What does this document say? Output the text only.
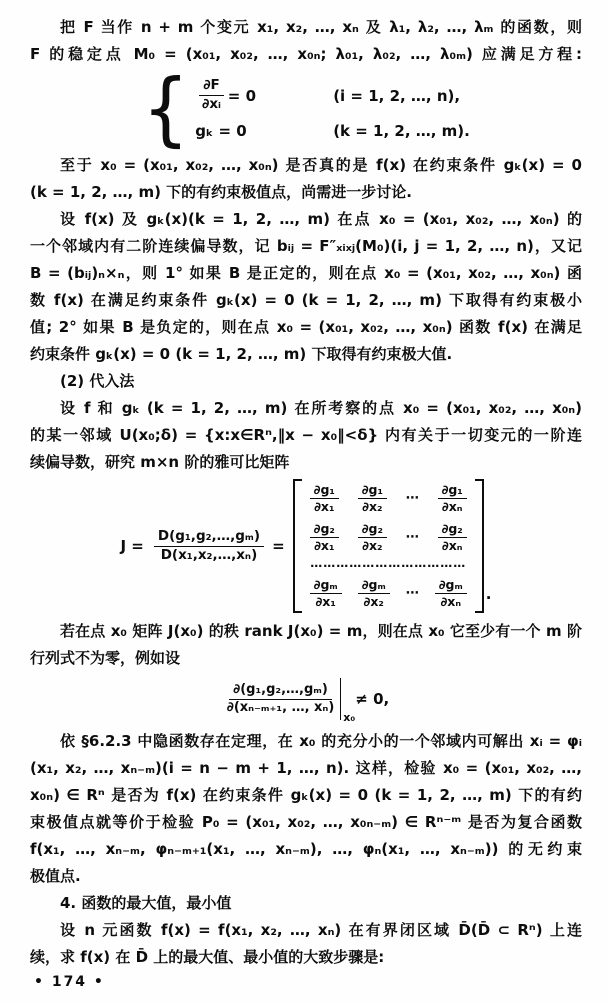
把 F 当作 n + m 个变元 x₁, x₂, …, xₙ 及 λ₁, λ₂, …, λₘ 的函数，则
F 的稳定点 M₀ = (x₀₁, x₀₂, …, x₀ₙ; λ₀₁, λ₀₂, …, λ₀ₘ) 应满足方程:
{ $\frac{\partial F}{\text{∂xᵢ}} = 0$	(i = 1, 2, …, n),
gₖ = 0	(k = 1, 2, …, m).
至于 x₀ = (x₀₁, x₀₂, …, x₀ₙ) 是否真的是 f(x) 在约束条件 gₖ(x) = 0
(k = 1, 2, …, m) 下的有约束极值点，尚需进一步讨论.
设 f(x) 及 gₖ(x)(k = 1, 2, …, m) 在点 x₀ = (x₀₁, x₀₂, …, x₀ₙ) 的
一个邻域内有二阶连续偏导数，记 bᵢⱼ = F″ₓᵢₓⱼ(M₀)(i, j = 1, 2, …, n)，又记
B = (bᵢⱼ)ₙ×ₙ，则 1° 如果 B 是正定的，则在点 x₀ = (x₀₁, x₀₂, …, x₀ₙ) 函
数 f(x) 在满足约束条件 gₖ(x) = 0 (k = 1, 2, …, m) 下取得有约束极小
值; 2° 如果 B 是负定的，则在点 x₀ = (x₀₁, x₀₂, …, x₀ₙ) 函数 f(x) 在满足
约束条件 gₖ(x) = 0 (k = 1, 2, …, m) 下取得有约束极大值.
(2) 代入法
设 f 和 gₖ (k = 1, 2, …, m) 在所考察的点 x₀ = (x₀₁, x₀₂, …, x₀ₙ)
的某一邻域 U(x₀;δ) = {x:x∈Rⁿ,‖x − x₀‖<δ} 内有关于一切变元的一阶连
续偏导数，研究 m×n 阶的雅可比矩阵
$J = \frac{\text{D(g₁,g₂,…,gₘ)}}{\text{D(x₁,x₂,…,xₙ)}}$ =
$\frac{\text{∂g₁}}{\text{∂x₁}} \frac{\text{∂g₁}}{\text{∂x₂}}$ ⋯ $\frac{\text{∂g₁}}{\text{∂xₙ}}$
$\frac{\text{∂g₂}}{\text{∂x₁}} \frac{\text{∂g₂}}{\text{∂x₂}}$ ⋯ $\frac{\text{∂g₂}}{\text{∂xₙ}}$
⋯⋯⋯⋯⋯⋯⋯⋯⋯⋯⋯⋯
$\frac{\text{∂gₘ}}{\text{∂x₁}} \frac{\text{∂gₘ}}{\text{∂x₂}}$ ⋯ $\frac{\text{∂gₘ}}{\text{∂xₙ}}$ .
若在点 x₀ 矩阵 J(x₀) 的秩 rank J(x₀) = m，则在点 x₀ 它至少有一个 m 阶
行列式不为零，例如设
$\frac{\text{∂(g₁,g₂,…,gₘ)}}{\text{∂(xₙ₋ₘ₊₁, …, xₙ)}}$
x₀
≠ 0,
依 §6.2.3 中隐函数存在定理，在 x₀ 的充分小的一个邻域内可解出 xᵢ = φᵢ
(x₁, x₂, …, xₙ₋ₘ)(i = n − m + 1, …, n). 这样，检验 x₀ = (x₀₁, x₀₂, …,
x₀ₙ) ∈ Rⁿ 是否为 f(x) 在约束条件 gₖ(x) = 0 (k = 1, 2, …, m) 下的有约
束极值点就等价于检验 P₀ = (x₀₁, x₀₂, …, x₀ₙ₋ₘ) ∈ Rⁿ⁻ᵐ 是否为复合函数
f(x₁, …, xₙ₋ₘ, φₙ₋ₘ₊₁(x₁, …, xₙ₋ₘ), …, φₙ(x₁, …, xₙ₋ₘ)) 的无约束
极值点.
4. 函数的最大值，最小值
设 n 元函数 f(x) = f(x₁, x₂, …, xₙ) 在有界闭区域 D̄(D̄ ⊂ Rⁿ) 上连
续，求 f(x) 在 D̄ 上的最大值、最小值的大致步骤是:
• 174 •
